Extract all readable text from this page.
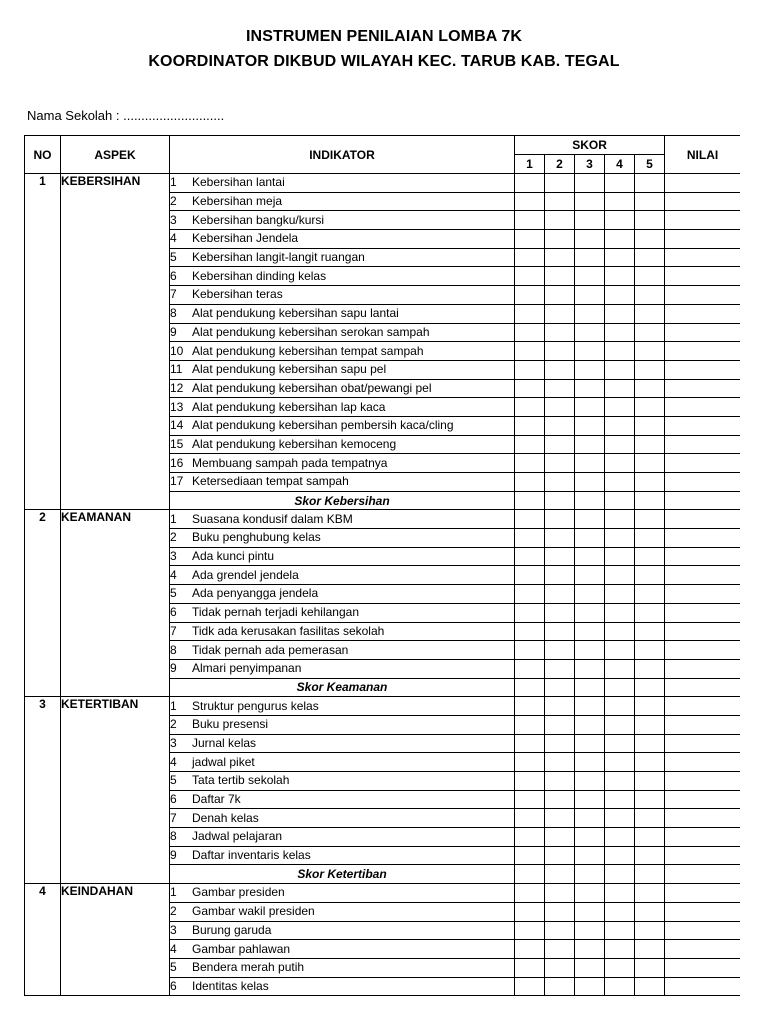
INSTRUMEN PENILAIAN LOMBA 7K
KOORDINATOR DIKBUD WILAYAH KEC. TARUB KAB. TEGAL
Nama Sekolah : ............................
NO	ASPEK	INDIKATOR	SKOR					NILAI
			1	2	3	4	5	
1	KEBERSIHAN	1 Kebersihan lantai						
		2 Kebersihan meja						
		3 Kebersihan bangku/kursi						
		4 Kebersihan Jendela						
		5 Kebersihan langit-langit ruangan						
		6 Kebersihan dinding kelas						
		7 Kebersihan teras						
		8 Alat pendukung kebersihan sapu lantai						
		9 Alat pendukung kebersihan serokan sampah						
		10 Alat pendukung kebersihan tempat sampah						
		11 Alat pendukung kebersihan sapu pel						
		12 Alat pendukung kebersihan obat/pewangi pel						
		13 Alat pendukung kebersihan lap kaca						
		14 Alat pendukung kebersihan pembersih kaca/cling						
		15 Alat pendukung kebersihan kemoceng						
		16 Membuang sampah pada tempatnya						
		17 Ketersediaan tempat sampah						
		Skor Kebersihan						
2	KEAMANAN	1 Suasana kondusif dalam KBM						
		2 Buku penghubung kelas						
		3 Ada kunci pintu						
		4 Ada grendel jendela						
		5 Ada penyangga jendela						
		6 Tidak pernah terjadi kehilangan						
		7 Tidk ada kerusakan fasilitas sekolah						
		8 Tidak pernah ada pemerasan						
		9 Almari penyimpanan						
		Skor Keamanan						
3	KETERTIBAN	1 Struktur pengurus kelas						
		2 Buku presensi						
		3 Jurnal kelas						
		4 jadwal piket						
		5 Tata tertib sekolah						
		6 Daftar 7k						
		7 Denah kelas						
		8 Jadwal pelajaran						
		9 Daftar inventaris kelas						
		Skor Ketertiban						
4	KEINDAHAN	1 Gambar presiden						
		2 Gambar wakil presiden						
		3 Burung garuda						
		4 Gambar pahlawan						
		5 Bendera merah putih						
		6 Identitas kelas						
